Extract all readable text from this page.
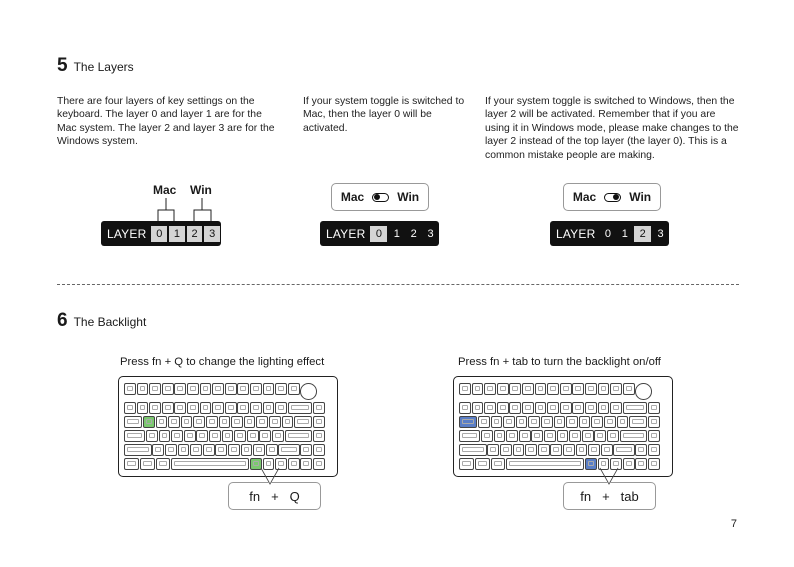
5 The Layers

There are four layers of key settings on the keyboard. The layer 0 and layer 1 are for the Mac system. The layer 2 and layer 3 are for the Windows system.

If your system toggle is switched to Mac, then the layer 0 will be activated.

If your system toggle is switched to Windows, then the layer 2 will be activated. Remember that if you are using it in Windows mode, please make changes to the layer 2 instead of the top layer (the layer 0). This is a common mistake people are making.

Mac Win
LAYER 0	1	2	3
Mac	Win
LAYER 0	1 2 3
Mac	Win
LAYER 0 1	2	3
6 The Backlight
Press fn + Q to change the lighting effect	Press fn + tab to turn the backlight on/off
fn + Q	fn + tab
7
